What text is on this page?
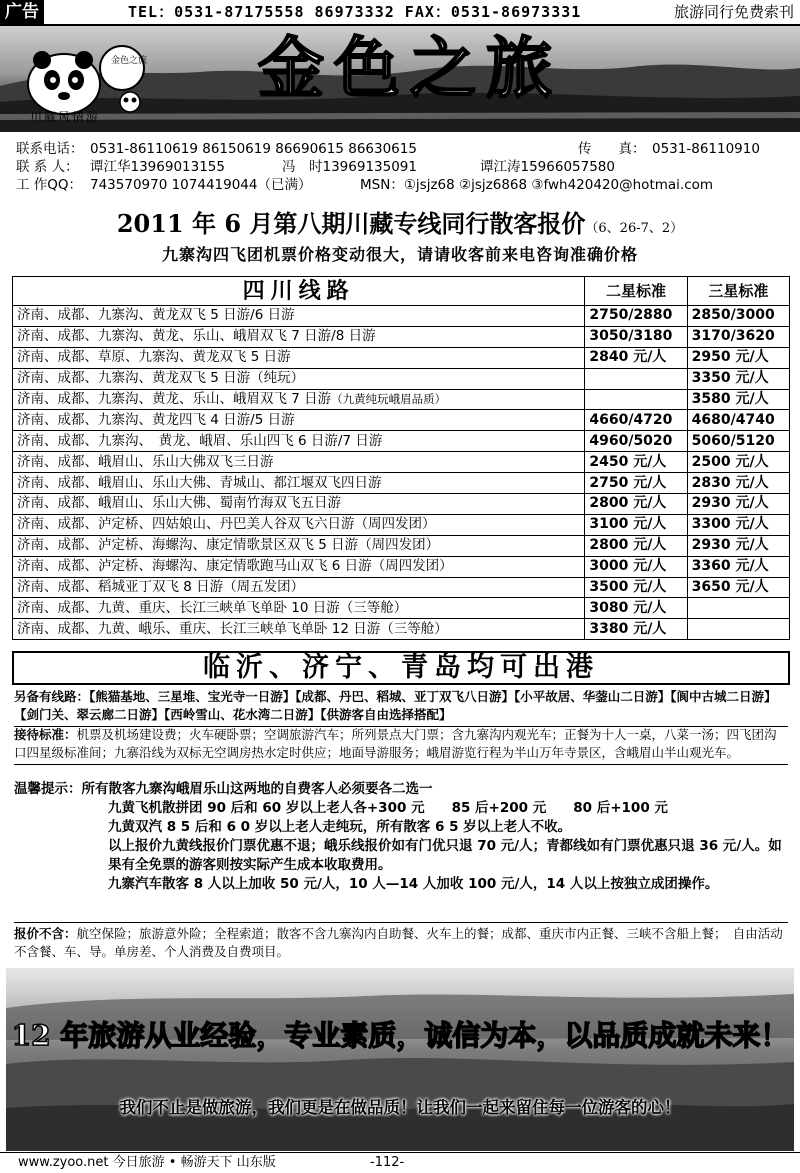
广告	TEL：0531-87175558 86973332 FAX：0531-86973331	旅游同行免费索刊
金色之旅
川藏风情游
金色之旅
联系电话： 0531-86110619 86150619 86690615 86630615	传　　真： 0531-86110910
联 系 人： 谭江华13969013155	冯　时13969135091	谭江涛15966057580
工 作QQ： 743570970 1074419044（已满）	MSN：①jsjz68 ②jsjz6868 ③fwh420420@hotmai.com
2011 年 6 月第八期川藏专线同行散客报价（6、26-7、2）
九寨沟四飞团机票价格变动很大，请请收客前来电咨询准确价格
四川线路	二星标准	三星标准
济南、成都、九寨沟、黄龙双飞 5 日游/6 日游	2750/2880	2850/3000
济南、成都、九寨沟、黄龙、乐山、峨眉双飞 7 日游/8 日游	3050/3180	3170/3620
济南、成都、草原、九寨沟、黄龙双飞 5 日游	2840 元/人	2950 元/人
济南、成都、九寨沟、黄龙双飞 5 日游（纯玩）		3350 元/人
济南、成都、九寨沟、黄龙、乐山、峨眉双飞 7 日游（九黄纯玩峨眉品质）		3580 元/人
济南、成都、九寨沟、黄龙四飞 4 日游/5 日游	4660/4720	4680/4740
济南、成都、九寨沟、　黄龙、峨眉、乐山四飞 6 日游/7 日游	4960/5020	5060/5120
济南、成都、峨眉山、乐山大佛双飞三日游	2450 元/人	2500 元/人
济南、成都、峨眉山、乐山大佛、青城山、都江堰双飞四日游	2750 元/人	2830 元/人
济南、成都、峨眉山、乐山大佛、蜀南竹海双飞五日游	2800 元/人	2930 元/人
济南、成都、泸定桥、四姑娘山、丹巴美人谷双飞六日游（周四发团）	3100 元/人	3300 元/人
济南、成都、泸定桥、海螺沟、康定情歌景区双飞 5 日游（周四发团）	2800 元/人	2930 元/人
济南、成都、泸定桥、海螺沟、康定情歌跑马山双飞 6 日游（周四发团）	3000 元/人	3360 元/人
济南、成都、稻城亚丁双飞 8 日游（周五发团）	3500 元/人	3650 元/人
济南、成都、九黄、重庆、长江三峡单飞单卧 10 日游（三等舱）	3080 元/人	
济南、成都、九黄、峨乐、重庆、长江三峡单飞单卧 12 日游（三等舱）	3380 元/人	
临沂、济宁、青岛均可出港
另备有线路：【熊猫基地、三星堆、宝光寺一日游】【成都、丹巴、稻城、亚丁双飞八日游】【小平故居、华蓥山二日游】【阆中古城二日游】【剑门关、翠云廊二日游】【西岭雪山、花水湾二日游】【供游客自由选择搭配】
接待标准：机票及机场建设费；火车硬卧票；空调旅游汽车；所列景点大门票；含九寨沟内观光车；正餐为十人一桌，八菜一汤；四飞团沟口四星级标准间；九寨沿线为双标无空调房热水定时供应；地面导游服务；峨眉游览行程为半山万年寺景区，含峨眉山半山观光车。
温馨提示：所有散客九寨沟峨眉乐山这两地的自费客人必须要各二选一
九黄飞机散拼团 90 后和 60 岁以上老人各+300 元　　85 后+200 元　　80 后+100 元
九黄双汽 8 5 后和 6 0 岁以上老人走纯玩，所有散客 6 5 岁以上老人不收。
以上报价九黄线报价门票优惠不退；峨乐线报价如有门优只退 70 元/人；青都线如有门票优惠只退 36 元/人。如果有全免票的游客则按实际产生成本收取费用。
九寨汽车散客 8 人以上加收 50 元/人，10 人—14 人加收 100 元/人，14 人以上按独立成团操作。
报价不含：航空保险；旅游意外险；全程索道；散客不含九寨沟内自助餐、火车上的餐；成都、重庆市内正餐、三峡不含船上餐；　自由活动不含餐、车、导。单房差、个人消费及自费项目。
12 年旅游从业经验，专业素质，诚信为本，以品质成就未来！
我们不止是做旅游，我们更是在做品质！让我们一起来留住每一位游客的心！
www.zyoo.net 今日旅游 • 畅游天下 山东版	-112-
